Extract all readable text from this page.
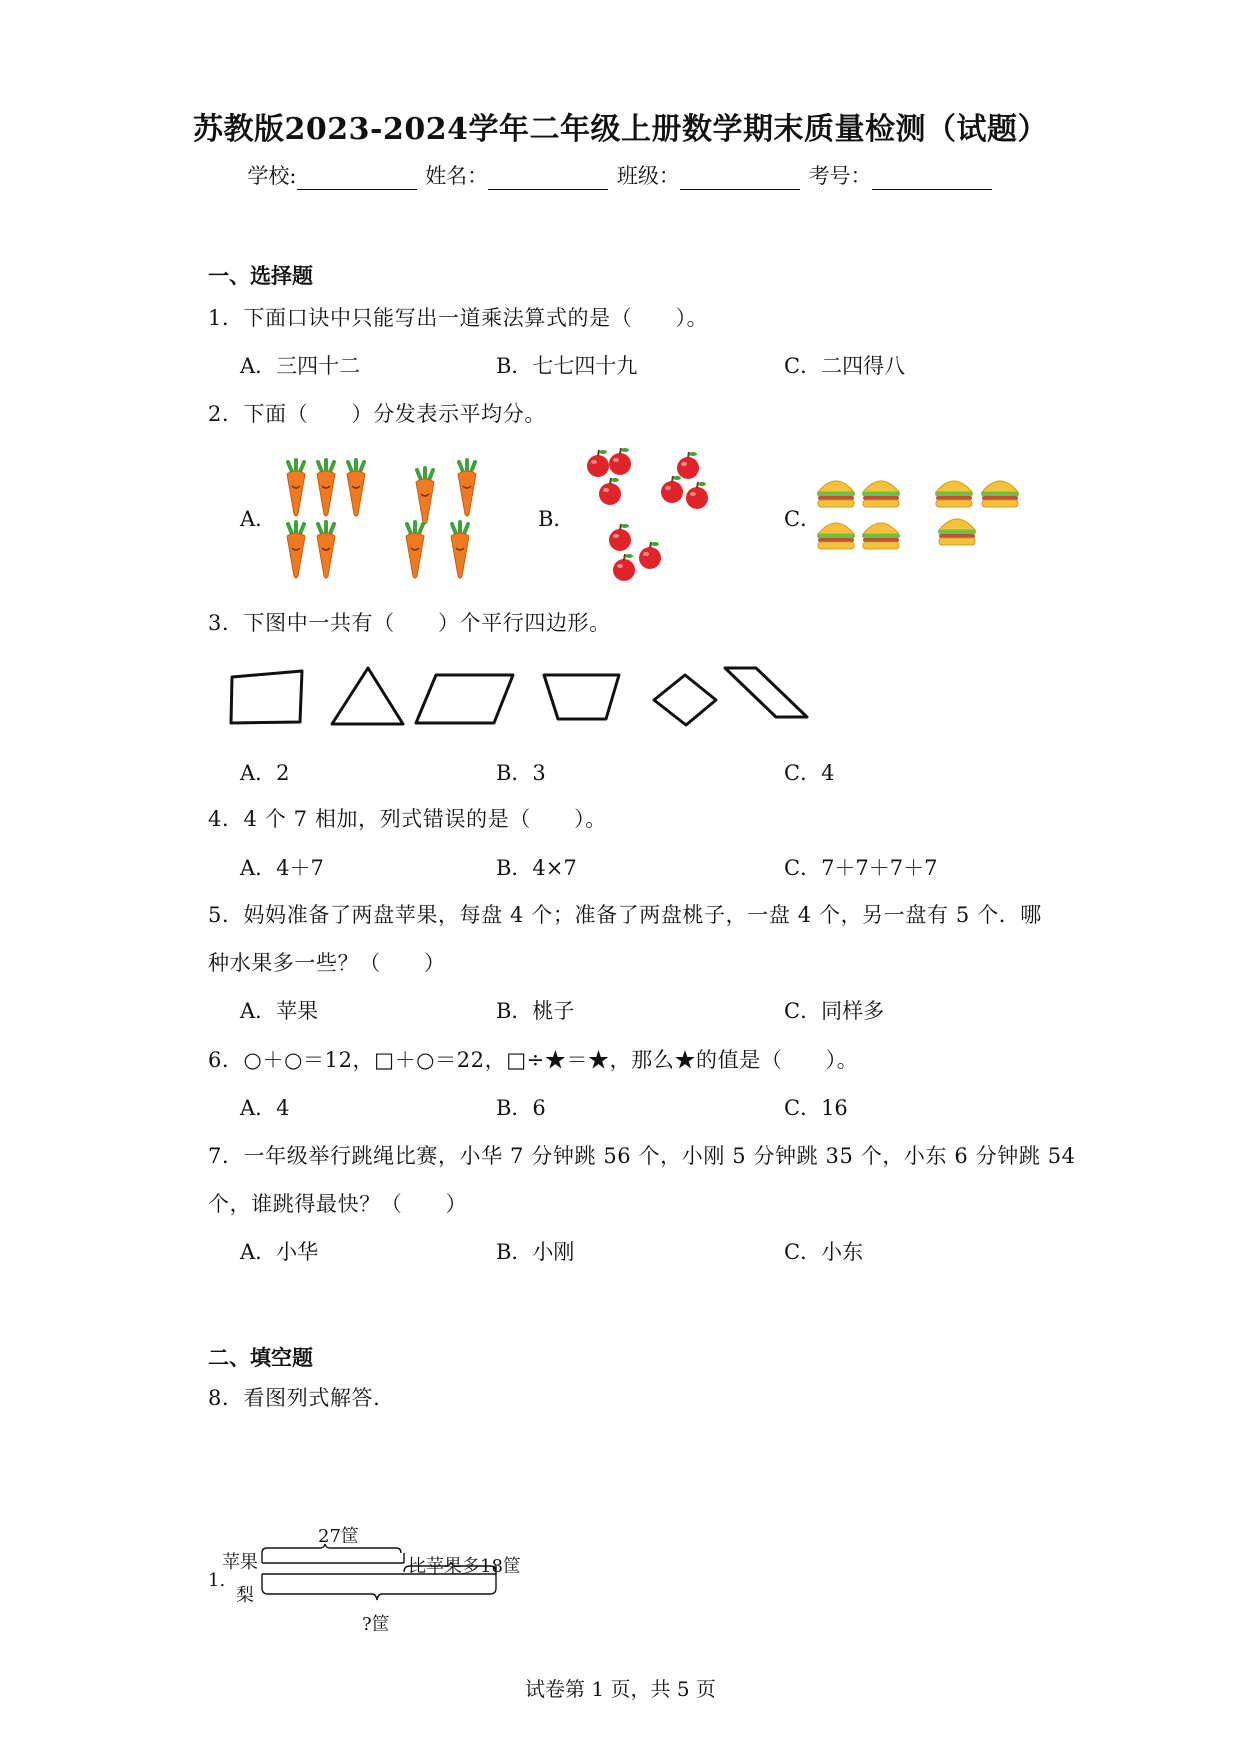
苏教版2023-2024学年二年级上册数学期末质量检测（试题）
学校:	姓名：	班级：	考号：
一、选择题
1．下面口诀中只能写出一道乘法算式的是（　　）。
A．三四十二	B．七七四十九	C．二四得八
2．下面（　　）分发表示平均分。
A．	B．	C．
3．下图中一共有（　　）个平行四边形。
A．2	B．3	C．4
4．4 个 7 相加，列式错误的是（　　）。
A．4＋7	B．4×7	C．7＋7＋7＋7
5．妈妈准备了两盘苹果，每盘 4 个；准备了两盘桃子，一盘 4 个，另一盘有 5 个．哪
种水果多一些？（　　）
A．苹果	B．桃子	C．同样多
6．○＋○＝12，□＋○＝22，□÷★＝★，那么★的值是（　　）。
A．4	B．6	C．16
7．一年级举行跳绳比赛，小华 7 分钟跳 56 个，小刚 5 分钟跳 35 个，小东 6 分钟跳 54
个，谁跳得最快？（　　）
A．小华	B．小刚	C．小东
二、填空题
8．看图列式解答.
1.
苹果
梨
27筐
比苹果多18筐
?筐
试卷第 1 页，共 5 页
